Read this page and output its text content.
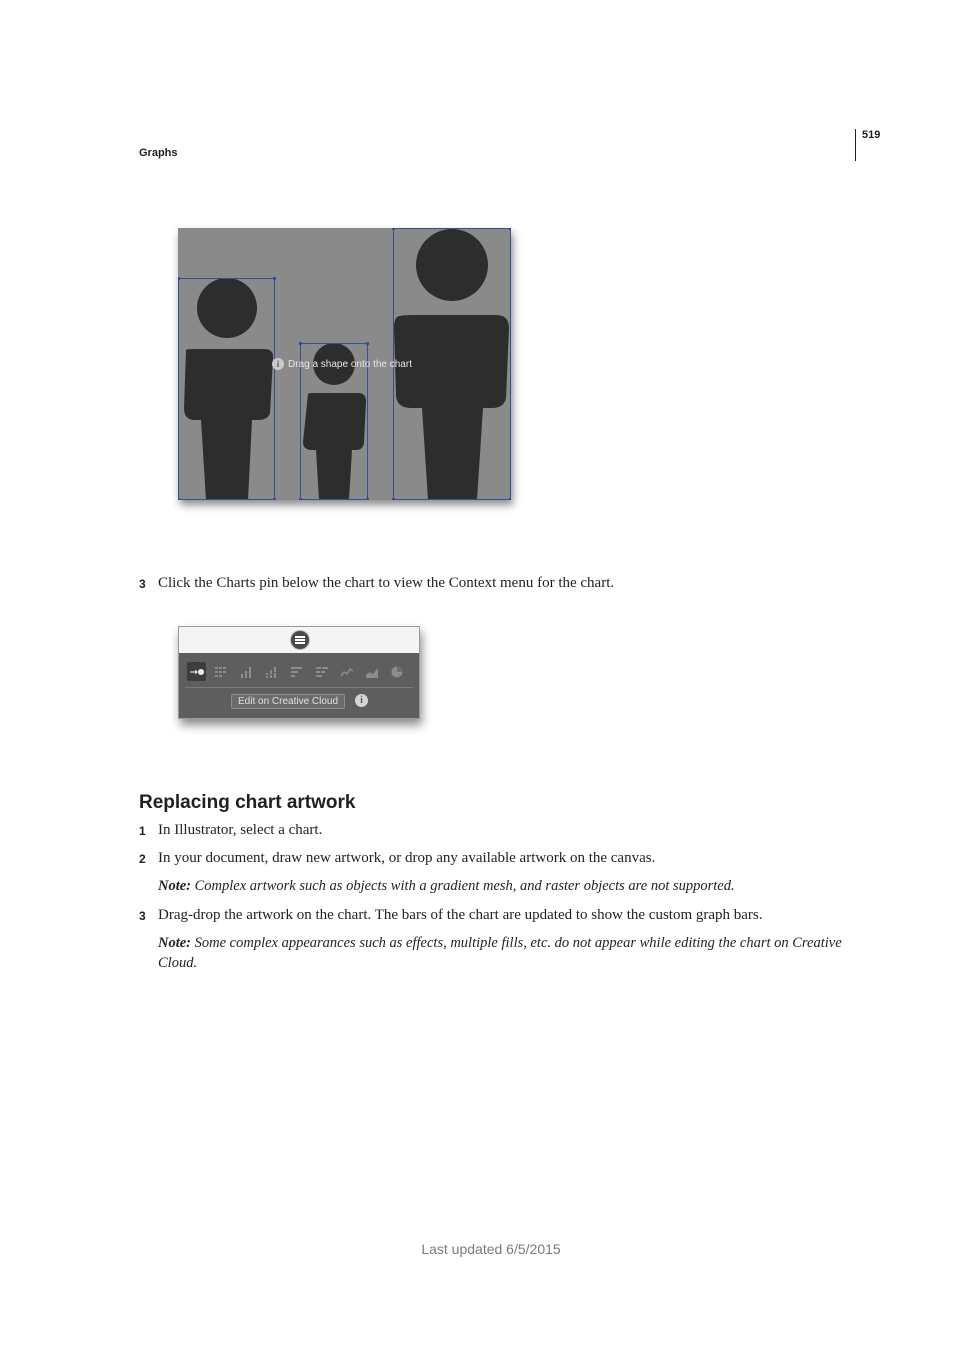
Graphs
519
i Drag a shape onto the chart
3 Click the Charts pin below the chart to view the Context menu for the chart.
Edit on Creative Cloud	i
Replacing chart artwork
1 In Illustrator, select a chart.
2 In your document, draw new artwork, or drop any available artwork on the canvas.
Note: Complex artwork such as objects with a gradient mesh, and raster objects are not supported.
3 Drag-drop the artwork on the chart. The bars of the chart are updated to show the custom graph bars.
Note: Some complex appearances such as effects, multiple fills, etc. do not appear while editing the chart on Creative Cloud.
Last updated 6/5/2015
